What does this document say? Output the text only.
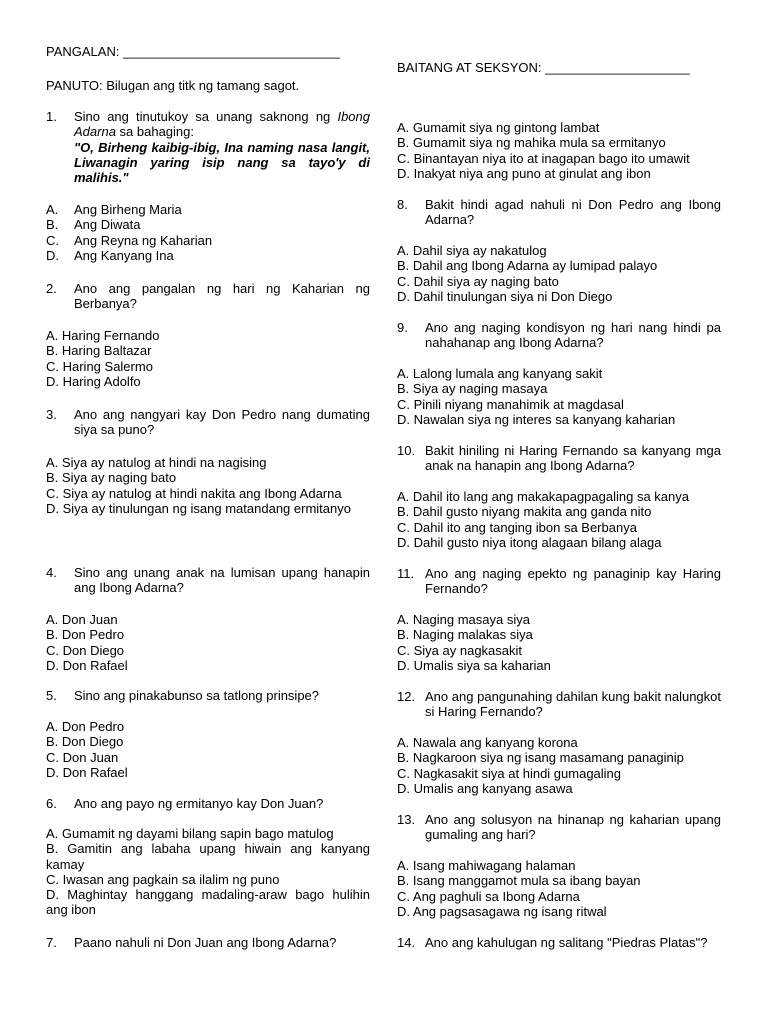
PANGALAN: ______________________________
BAITANG AT SEKSYON: ____________________
PANUTO: Bilugan ang titk ng tamang sagot.
1.	Sino ang tinutukoy sa unang saknong ng Ibong Adarna sa bahaging:
"O, Birheng kaibig-ibig, Ina naming nasa langit, Liwanagin yaring isip nang sa tayo'y di malihis."
A.	Ang Birheng Maria
B.	Ang Diwata
C.	Ang Reyna ng Kaharian
D.	Ang Kanyang Ina
2.	Ano ang pangalan ng hari ng Kaharian ng Berbanya?
A. Haring Fernando
B. Haring Baltazar
C. Haring Salermo
D. Haring Adolfo
3.	Ano ang nangyari kay Don Pedro nang dumating siya sa puno?
A. Siya ay natulog at hindi na nagising
B. Siya ay naging bato
C. Siya ay natulog at hindi nakita ang Ibong Adarna
D. Siya ay tinulungan ng isang matandang ermitanyo
4.	Sino ang unang anak na lumisan upang hanapin ang Ibong Adarna?
A. Don Juan
B. Don Pedro
C. Don Diego
D. Don Rafael
5.	Sino ang pinakabunso sa tatlong prinsipe?
A. Don Pedro
B. Don Diego
C. Don Juan
D. Don Rafael
6.	Ano ang payo ng ermitanyo kay Don Juan?
A. Gumamit ng dayami bilang sapin bago matulog
B. Gamitin ang labaha upang hiwain ang kanyang kamay
C. Iwasan ang pagkain sa ilalim ng puno
D. Maghintay hanggang madaling-araw bago hulihin ang ibon
7.	Paano nahuli ni Don Juan ang Ibong Adarna?
A. Gumamit siya ng gintong lambat
B. Gumamit siya ng mahika mula sa ermitanyo
C. Binantayan niya ito at inagapan bago ito umawit
D. Inakyat niya ang puno at ginulat ang ibon
8.	Bakit hindi agad nahuli ni Don Pedro ang Ibong Adarna?
A. Dahil siya ay nakatulog
B. Dahil ang Ibong Adarna ay lumipad palayo
C. Dahil siya ay naging bato
D. Dahil tinulungan siya ni Don Diego
9.	Ano ang naging kondisyon ng hari nang hindi pa nahahanap ang Ibong Adarna?
A. Lalong lumala ang kanyang sakit
B. Siya ay naging masaya
C. Pinili niyang manahimik at magdasal
D. Nawalan siya ng interes sa kanyang kaharian
10. Bakit hiniling ni Haring Fernando sa kanyang mga anak na hanapin ang Ibong Adarna?
A. Dahil ito lang ang makakapagpagaling sa kanya
B. Dahil gusto niyang makita ang ganda nito
C. Dahil ito ang tanging ibon sa Berbanya
D. Dahil gusto niya itong alagaan bilang alaga
11. Ano ang naging epekto ng panaginip kay Haring Fernando?
A. Naging masaya siya
B. Naging malakas siya
C. Siya ay nagkasakit
D. Umalis siya sa kaharian
12. Ano ang pangunahing dahilan kung bakit nalungkot si Haring Fernando?
A. Nawala ang kanyang korona
B. Nagkaroon siya ng isang masamang panaginip
C. Nagkasakit siya at hindi gumagaling
D. Umalis ang kanyang asawa
13. Ano ang solusyon na hinanap ng kaharian upang gumaling ang hari?
A. Isang mahiwagang halaman
B. Isang manggamot mula sa ibang bayan
C. Ang paghuli sa Ibong Adarna
D. Ang pagsasagawa ng isang ritwal
14. Ano ang kahulugan ng salitang "Piedras Platas"?
